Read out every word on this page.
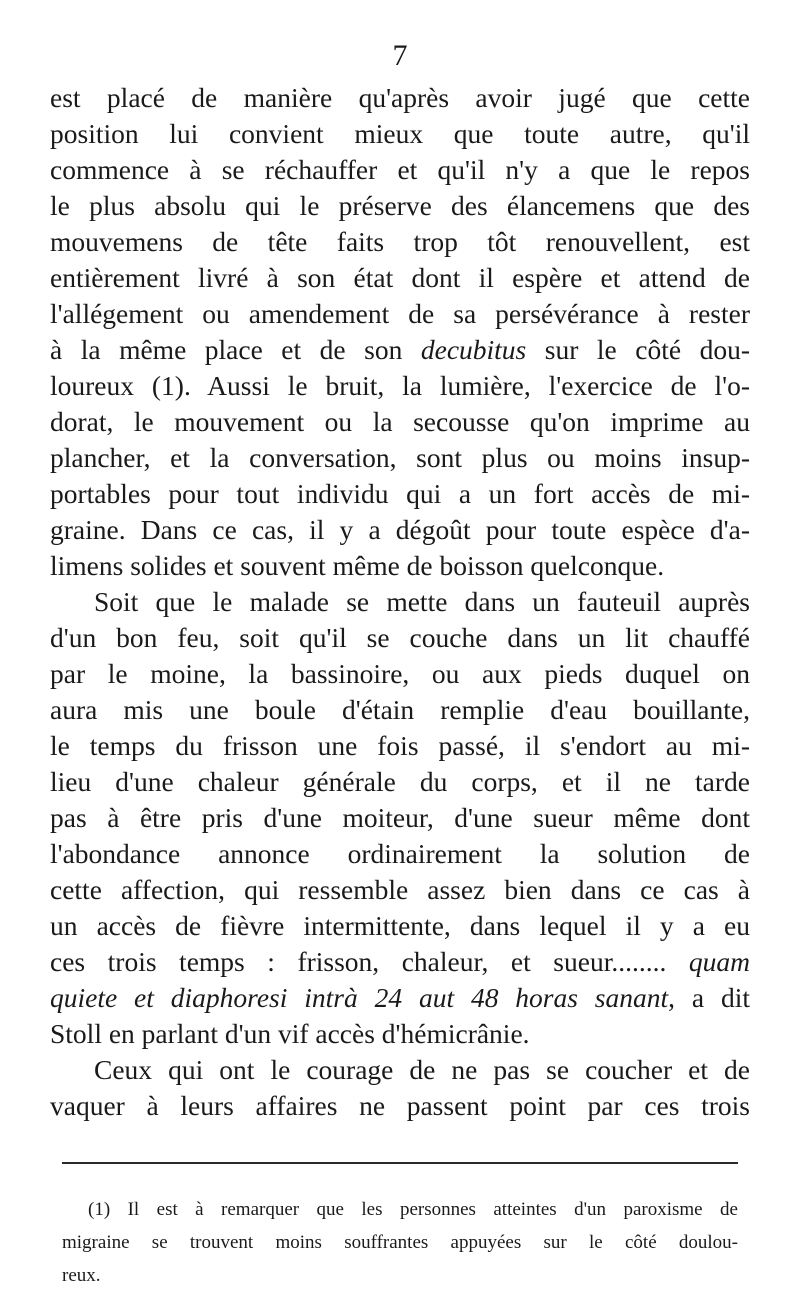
7
est placé de manière qu'après avoir jugé que cette
position lui convient mieux que toute autre, qu'il
commence à se réchauffer et qu'il n'y a que le repos
le plus absolu qui le préserve des élancemens que des
mouvemens de tête faits trop tôt renouvellent, est
entièrement livré à son état dont il espère et attend de
l'allégement ou amendement de sa persévérance à rester
à la même place et de son decubitus sur le côté dou-
loureux (1). Aussi le bruit, la lumière, l'exercice de l'o-
dorat, le mouvement ou la secousse qu'on imprime au
plancher, et la conversation, sont plus ou moins insup-
portables pour tout individu qui a un fort accès de mi-
graine. Dans ce cas, il y a dégoût pour toute espèce d'a-
limens solides et souvent même de boisson quelconque.
Soit que le malade se mette dans un fauteuil auprès
d'un bon feu, soit qu'il se couche dans un lit chauffé
par le moine, la bassinoire, ou aux pieds duquel on
aura mis une boule d'étain remplie d'eau bouillante,
le temps du frisson une fois passé, il s'endort au mi-
lieu d'une chaleur générale du corps, et il ne tarde
pas à être pris d'une moiteur, d'une sueur même dont
l'abondance annonce ordinairement la solution de
cette affection, qui ressemble assez bien dans ce cas à
un accès de fièvre intermittente, dans lequel il y a eu
ces trois temps : frisson, chaleur, et sueur........ quam
quiete et diaphoresi intrà 24 aut 48 horas sanant, a dit
Stoll en parlant d'un vif accès d'hémicrânie.
Ceux qui ont le courage de ne pas se coucher et de
vaquer à leurs affaires ne passent point par ces trois
(1) Il est à remarquer que les personnes atteintes d'un paroxisme de
migraine se trouvent moins souffrantes appuyées sur le côté doulou-
reux.
